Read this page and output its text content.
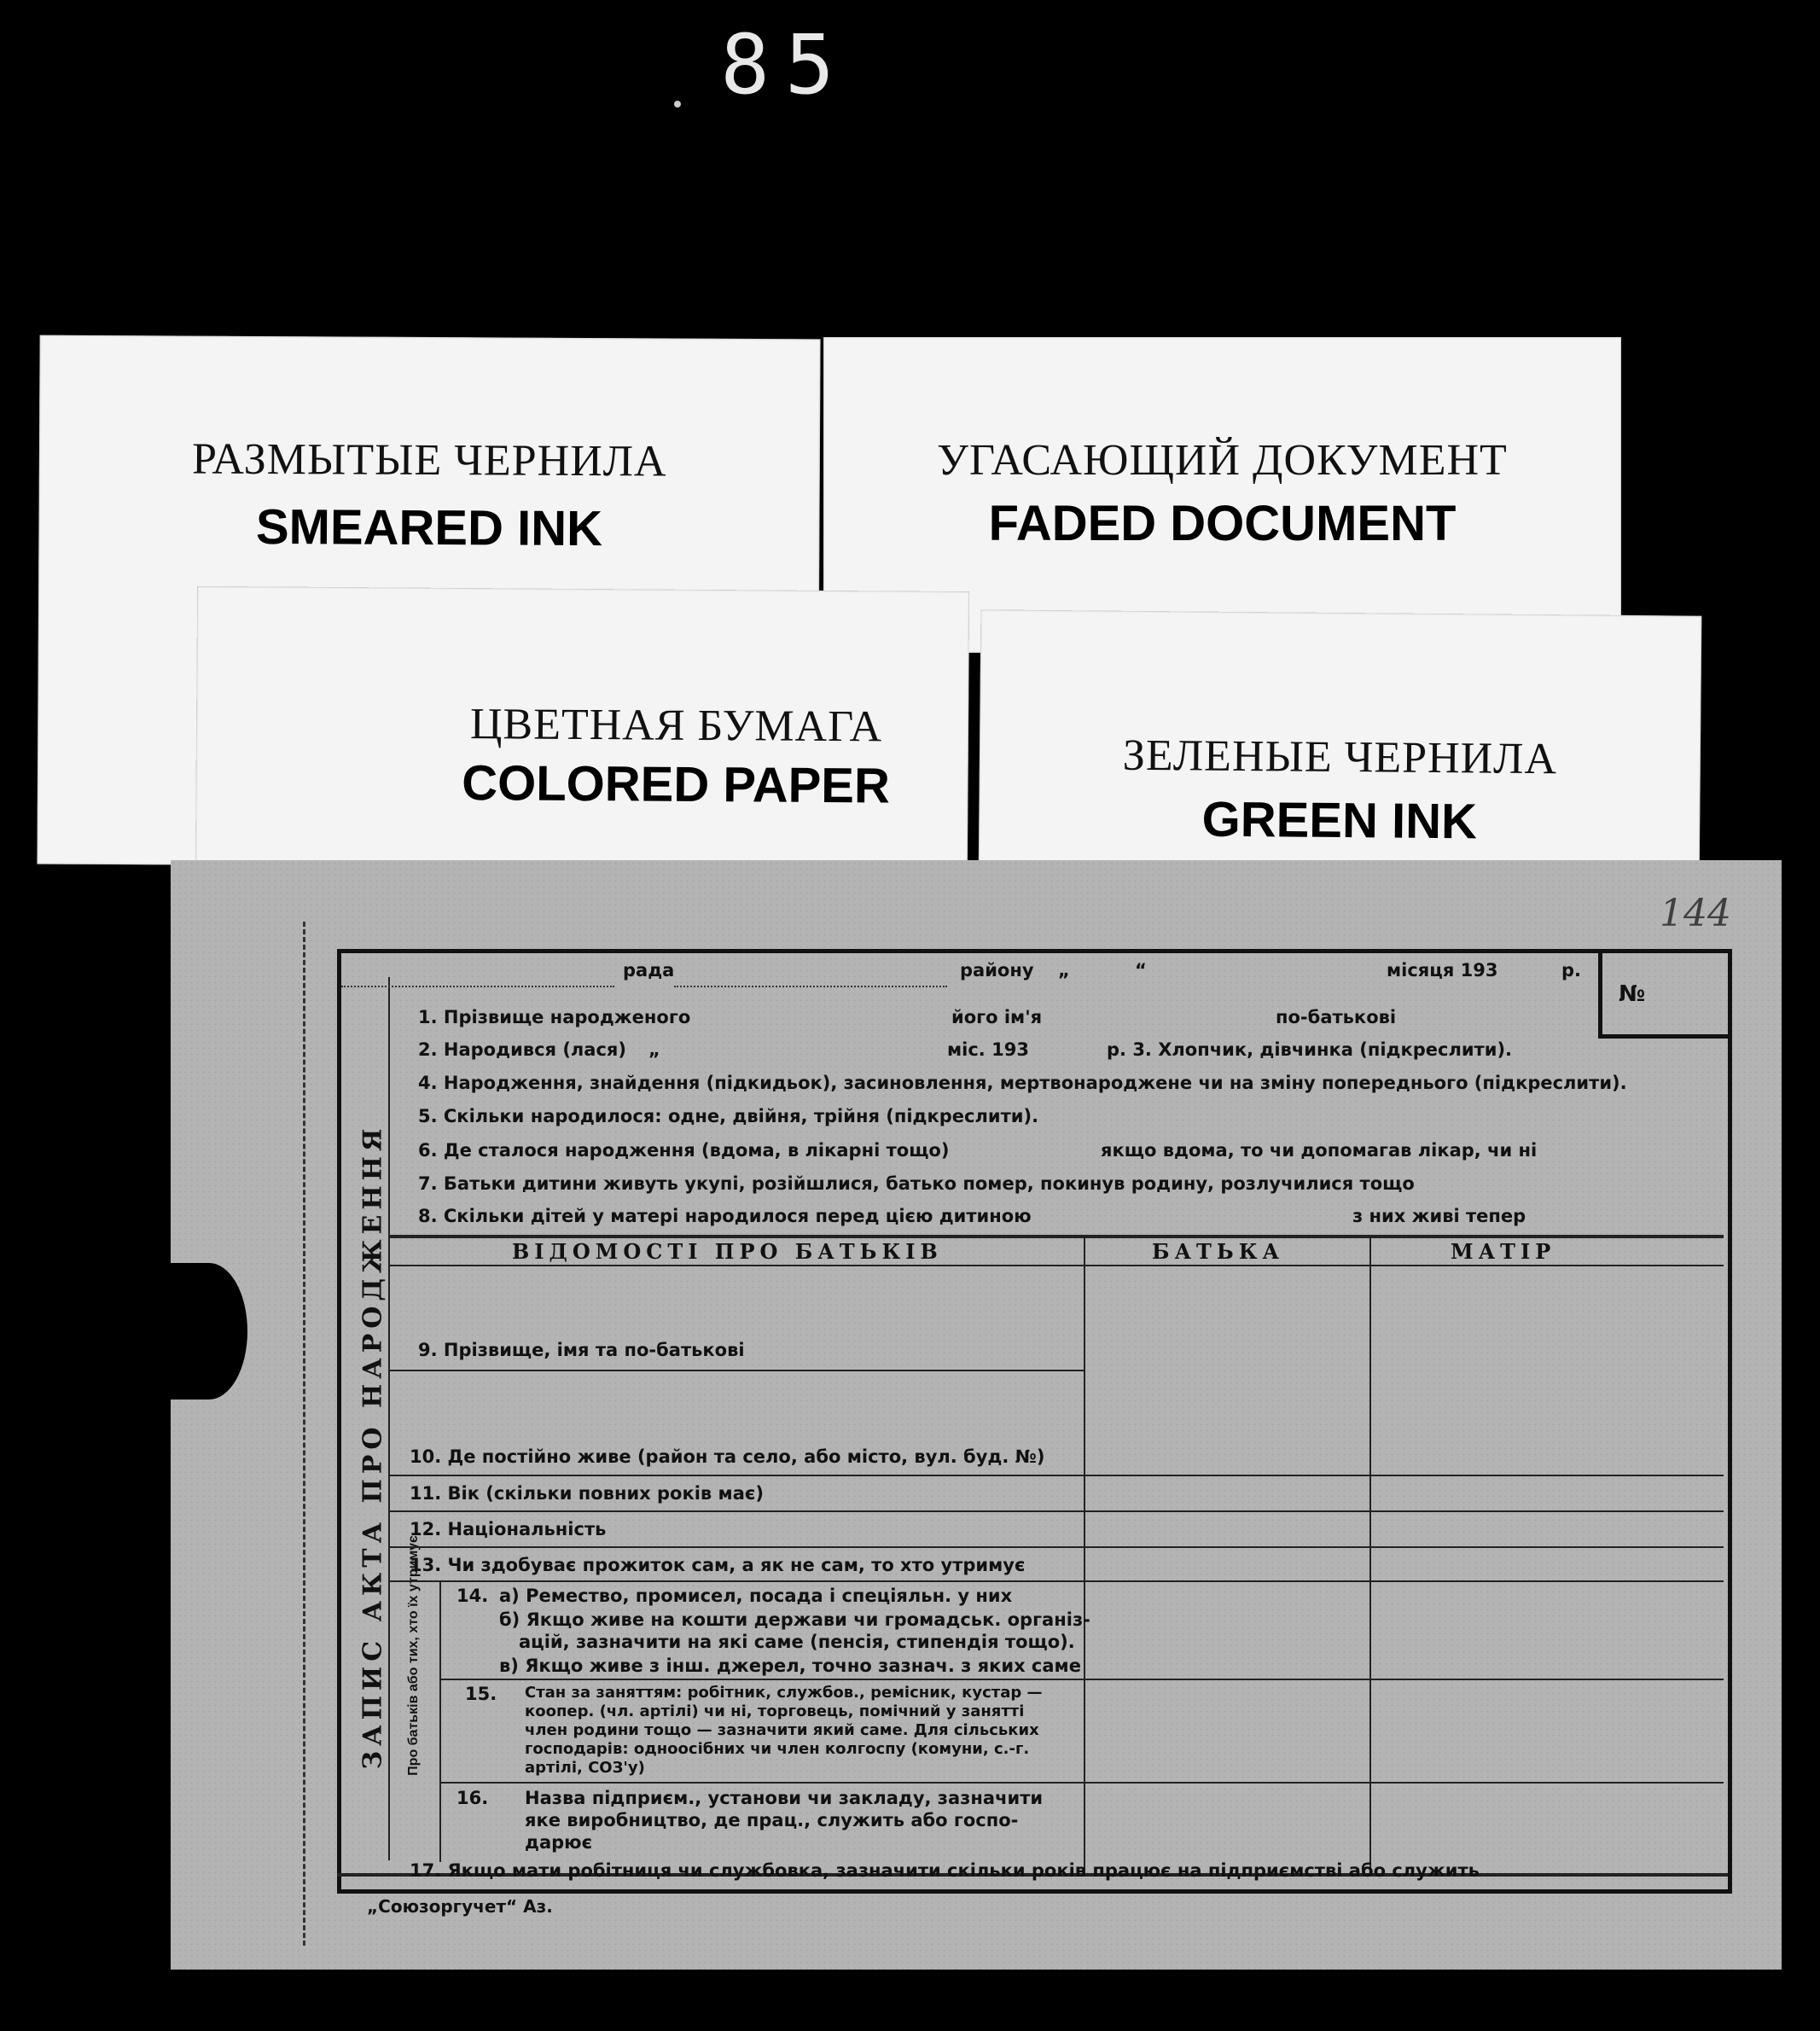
85
РАЗМЫТЫЕ ЧЕРНИЛА
SMEARED INK
УГАСАЮЩИЙ ДОКУМЕНТ
FADED DOCUMENT
ЦВЕТНАЯ БУМАГА
COLORED PAPER	ЗЕЛЕНЫЕ ЧЕРНИЛА
GREEN INK
144
№
ЗАПИС АКТА ПРО НАРОДЖЕННЯ Про батьків або тих, хто їх утримує
рада	району „	“	місяця 193	р.
1. Прізвище народженого	його ім'я	по-батькові
2. Народився (лася) „	міс. 193	р. 3. Хлопчик, дівчинка (підкреслити).
4. Народження, знайдення (підкидьок), засиновлення, мертвонароджене чи на зміну попереднього (підкреслити).
5. Скільки народилося: одне, двійня, трійня (підкреслити).
6. Де сталося народження (вдома, в лікарні тощо)	якщо вдома, то чи допомагав лікар, чи ні
7. Батьки дитини живуть укупі, розійшлися, батько помер, покинув родину, розлучилися тощо
8. Скільки дітей у матері народилося перед цією дитиною	з них живі тепер
ВІДОМОСТІ ПРО БАТЬКІВ	БАТЬКА	МАТІР
9. Прізвище, імя та по-батькові
10. Де постійно живе (район та село, або місто, вул. буд. №)
11. Вік (скільки повних років має)
12. Національність
13. Чи здобуває прожиток сам, а як не сам, то хто утримує
14. а) Ремество, промисел, посада і спеціяльн. у них
б) Якщо живе на кошти держави чи громадськ. організ-
ацій, зазначити на які саме (пенсія, стипендія тощо).
в) Якщо живе з інш. джерел, точно зазнач. з яких саме
15. Стан за заняттям: робітник, службов., ремісник, кустар —
коопер. (чл. артілі) чи ні, торговець, помічний у занятті
член родини тощо — зазначити який саме. Для сільських
господарів: одноосібних чи член колгоспу (комуни, с.-г.
артілі, СОЗ'у)
16. Назва підприєм., установи чи закладу, зазначити
яке виробництво, де прац., служить або госпо-
дарює
17. Якщо мати робітниця чи службовка, зазначити скільки років працює на підприємстві або служить
„Союзоргучет“ Аз.
